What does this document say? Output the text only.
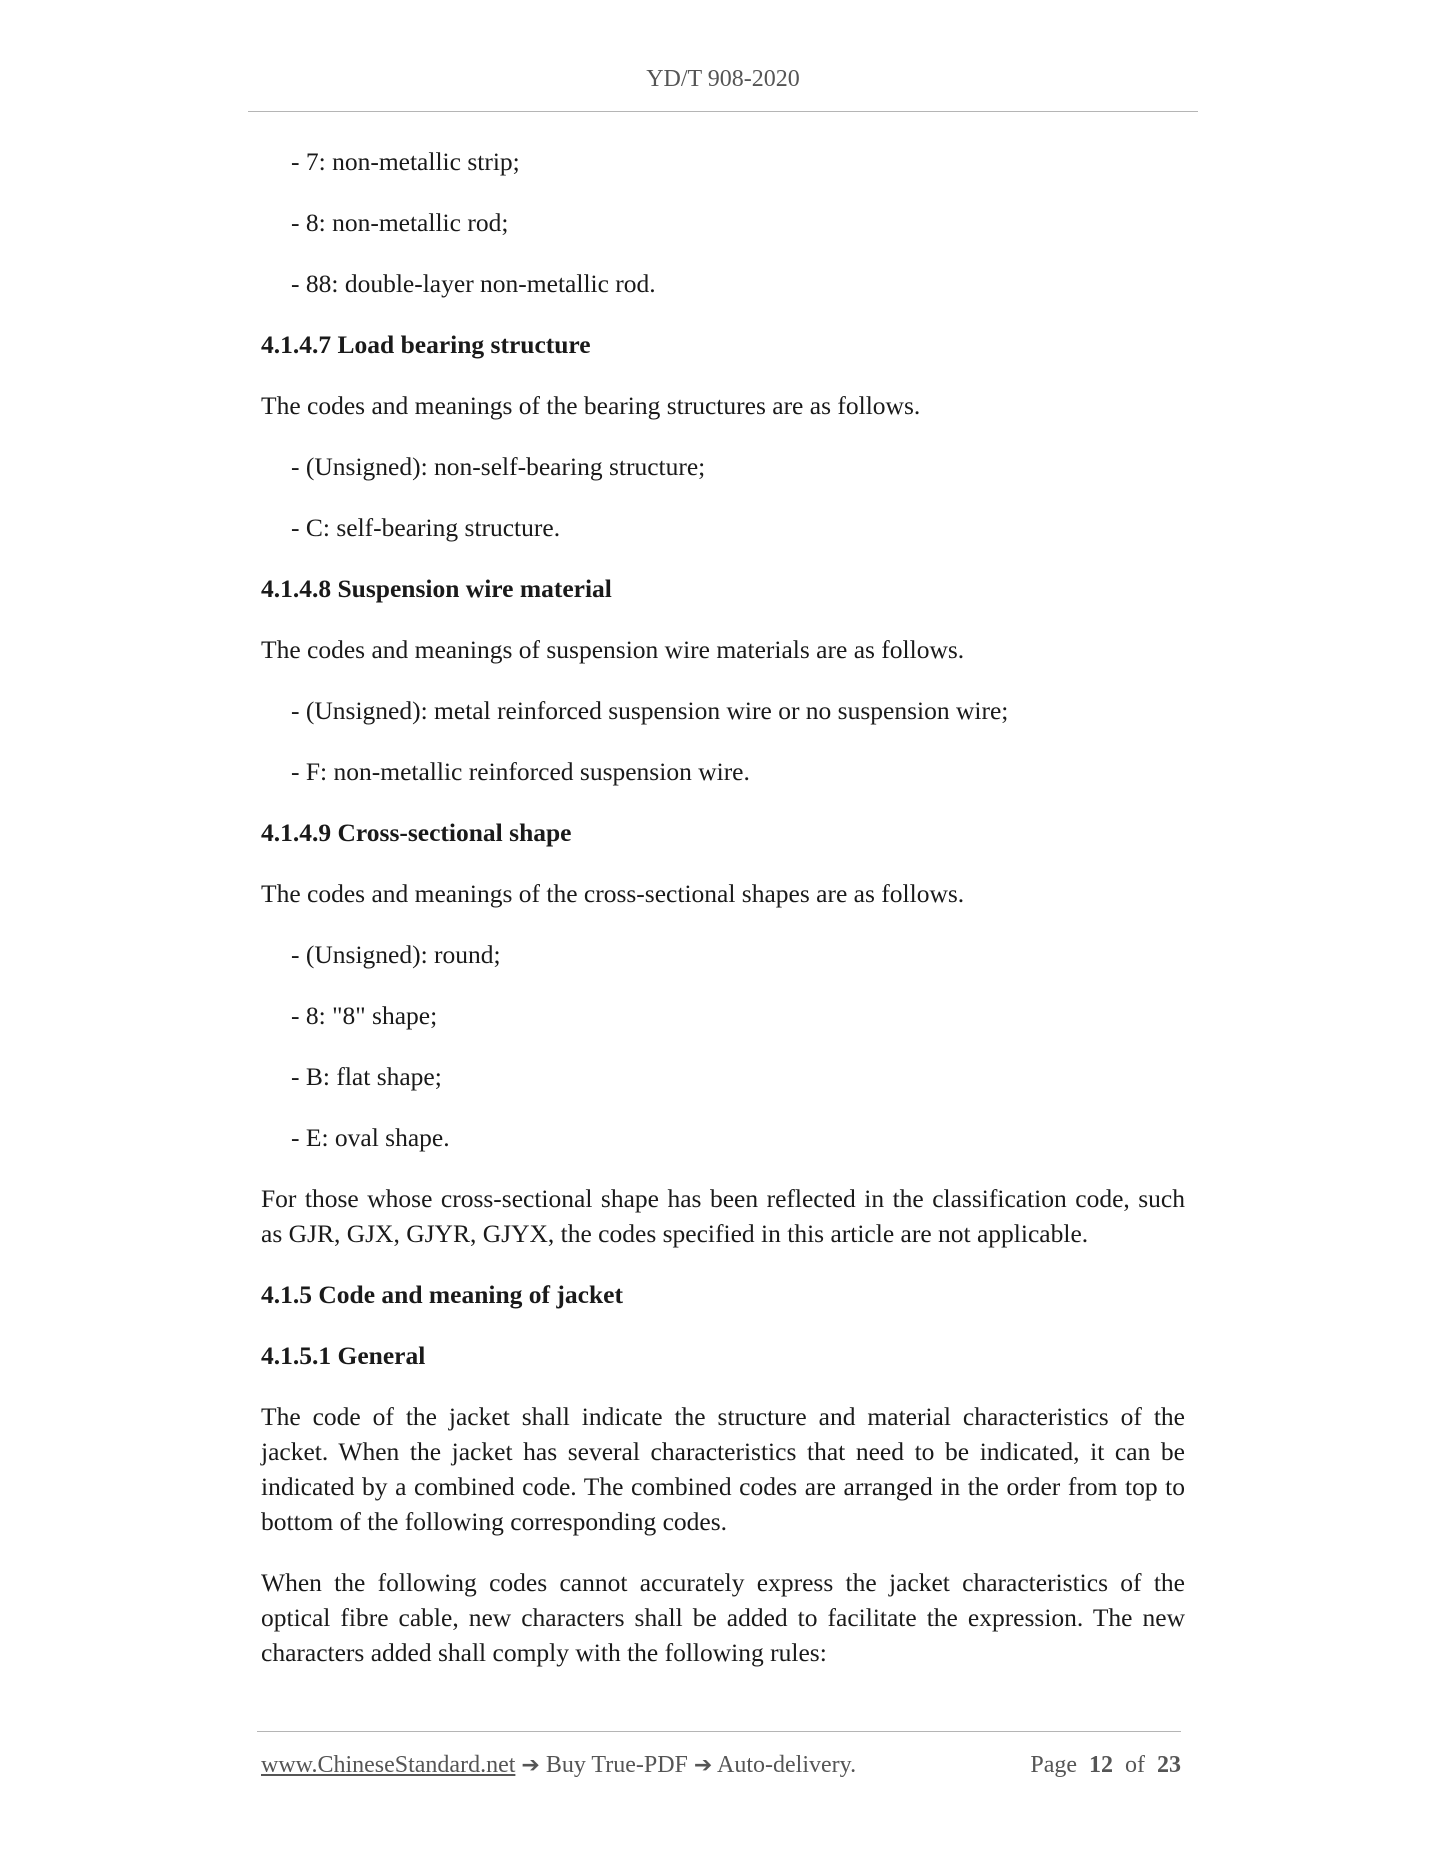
YD/T 908-2020

- 7: non-metallic strip;

- 8: non-metallic rod;

- 88: double-layer non-metallic rod.

4.1.4.7 Load bearing structure

The codes and meanings of the bearing structures are as follows.

- (Unsigned): non-self-bearing structure;

- C: self-bearing structure.

4.1.4.8 Suspension wire material

The codes and meanings of suspension wire materials are as follows.

- (Unsigned): metal reinforced suspension wire or no suspension wire;

- F: non-metallic reinforced suspension wire.

4.1.4.9 Cross-sectional shape

The codes and meanings of the cross-sectional shapes are as follows.

- (Unsigned): round;

- 8: "8" shape;

- B: flat shape;

- E: oval shape.

For those whose cross-sectional shape has been reflected in the classification code, such as GJR, GJX, GJYR, GJYX, the codes specified in this article are not applicable.

4.1.5 Code and meaning of jacket

4.1.5.1 General

The code of the jacket shall indicate the structure and material characteristics of the jacket. When the jacket has several characteristics that need to be indicated, it can be indicated by a combined code. The combined codes are arranged in the order from top to bottom of the following corresponding codes.

When the following codes cannot accurately express the jacket characteristics of the optical fibre cable, new characters shall be added to facilitate the expression. The new characters added shall comply with the following rules:

www.ChineseStandard.net ➔ Buy True-PDF ➔ Auto-delivery.	Page 12 of 23
